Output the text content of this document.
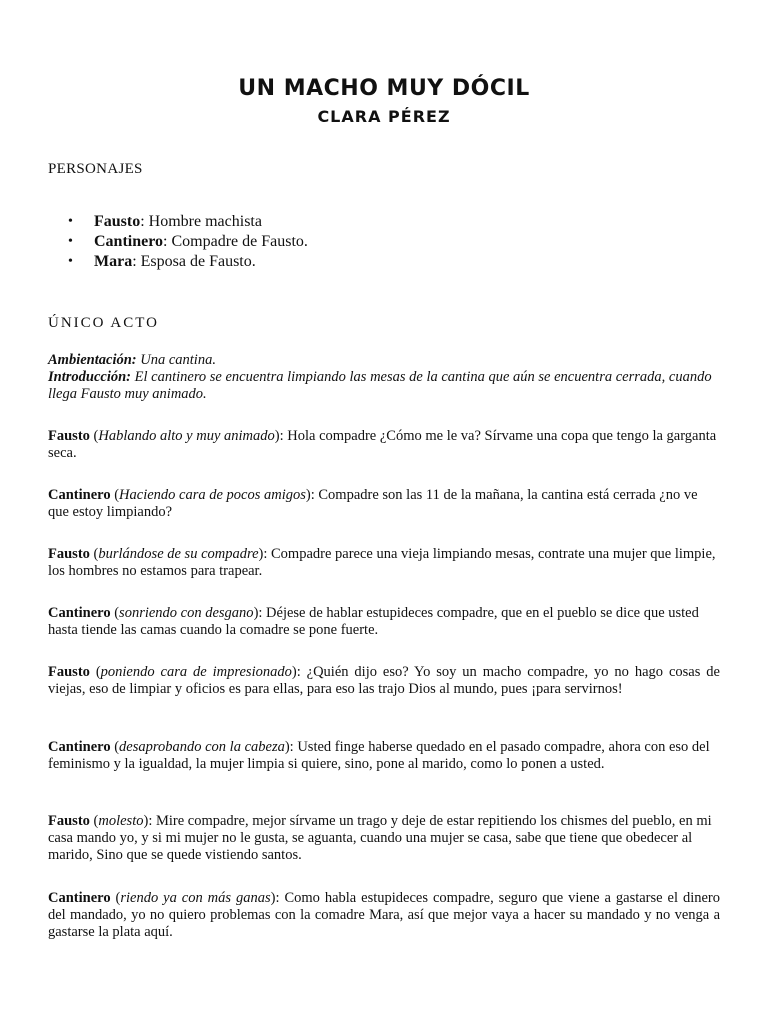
UN MACHO MUY DÓCIL
CLARA PÉREZ

PERSONAJES

• Fausto: Hombre machista
• Cantinero: Compadre de Fausto.
• Mara: Esposa de Fausto.

ÚNICO ACTO

Ambientación: Una cantina.
Introducción: El cantinero se encuentra limpiando las mesas de la cantina que aún se encuentra cerrada, cuando llega Fausto muy animado.

Fausto (Hablando alto y muy animado): Hola compadre ¿Cómo me le va? Sírvame una copa que tengo la garganta seca.

Cantinero (Haciendo cara de pocos amigos): Compadre son las 11 de la mañana, la cantina está cerrada ¿no ve que estoy limpiando?

Fausto (burlándose de su compadre): Compadre parece una vieja limpiando mesas, contrate una mujer que limpie, los hombres no estamos para trapear.

Cantinero (sonriendo con desgano): Déjese de hablar estupideces compadre, que en el pueblo se dice que usted hasta tiende las camas cuando la comadre se pone fuerte.

Fausto (poniendo cara de impresionado): ¿Quién dijo eso? Yo soy un macho compadre, yo no hago cosas de viejas, eso de limpiar y oficios es para ellas, para eso las trajo Dios al mundo, pues ¡para servirnos!

Cantinero (desaprobando con la cabeza): Usted finge haberse quedado en el pasado compadre, ahora con eso del feminismo y la igualdad, la mujer limpia si quiere, sino, pone al marido, como lo ponen a usted.

Fausto (molesto): Mire compadre, mejor sírvame un trago y deje de estar repitiendo los chismes del pueblo, en mi casa mando yo, y si mi mujer no le gusta, se aguanta, cuando una mujer se casa, sabe que tiene que obedecer al marido, Sino que se quede vistiendo santos.

Cantinero (riendo ya con más ganas): Como habla estupideces compadre, seguro que viene a gastarse el dinero del mandado, yo no quiero problemas con la comadre Mara, así que mejor vaya a hacer su mandado y no venga a gastarse la plata aquí.
